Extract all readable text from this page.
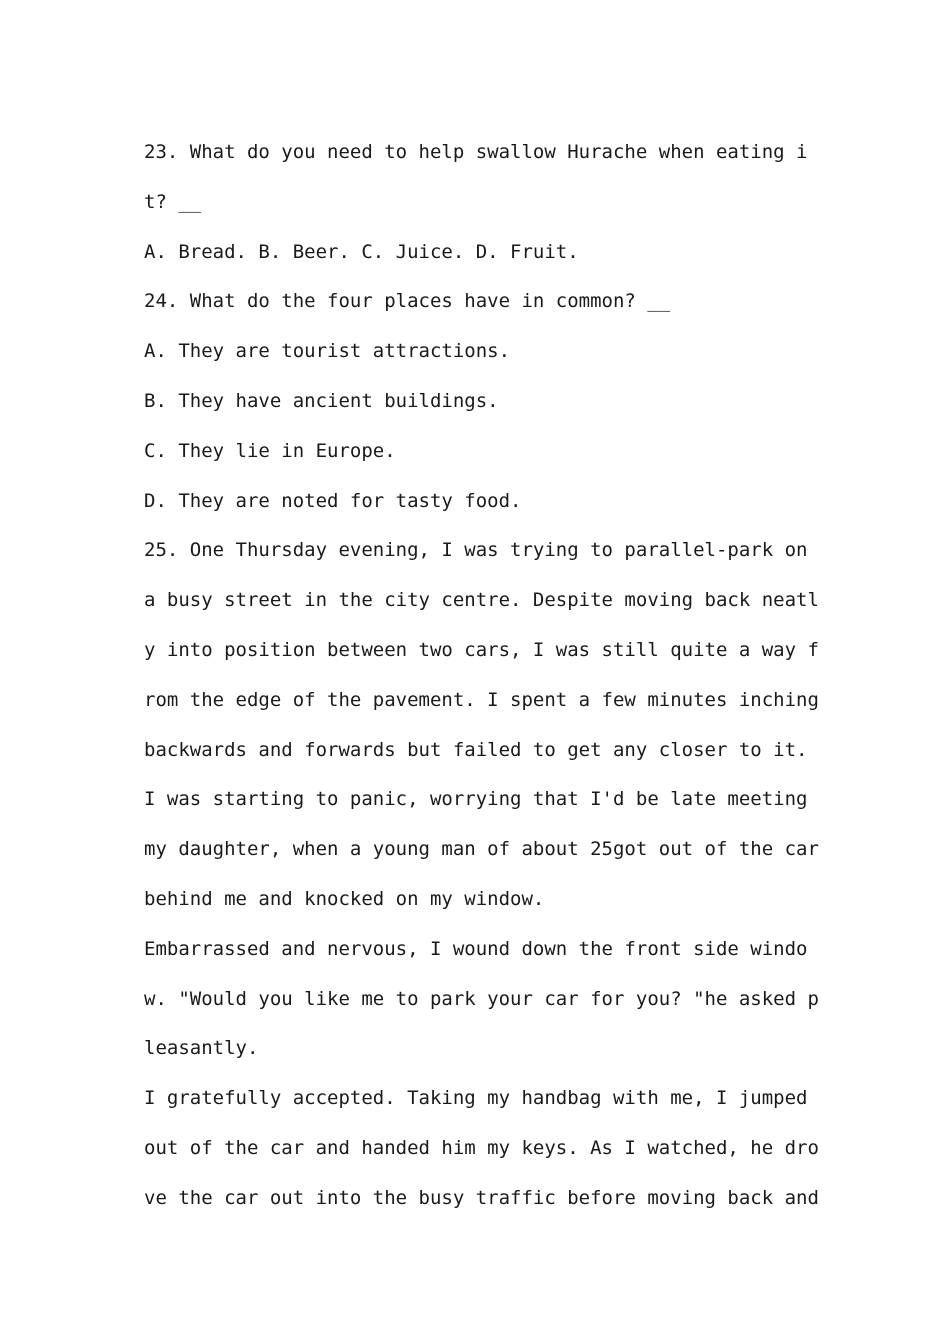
23. What do you need to help swallow Hurache when eating i
t? __
A. Bread. B. Beer. C. Juice. D. Fruit.
24. What do the four places have in common? __
A. They are tourist attractions.
B. They have ancient buildings.
C. They lie in Europe.
D. They are noted for tasty food.
25. One Thursday evening, I was trying to parallel-park on
a busy street in the city centre. Despite moving back neatl
y into position between two cars, I was still quite a way f
rom the edge of the pavement. I spent a few minutes inching
backwards and forwards but failed to get any closer to it.
I was starting to panic, worrying that I'd be late meeting
my daughter, when a young man of about 25got out of the car
behind me and knocked on my window.
Embarrassed and nervous, I wound down the front side windo
w. "Would you like me to park your car for you? "he asked p
leasantly.
I gratefully accepted. Taking my handbag with me, I jumped
out of the car and handed him my keys. As I watched, he dro
ve the car out into the busy traffic before moving back and
